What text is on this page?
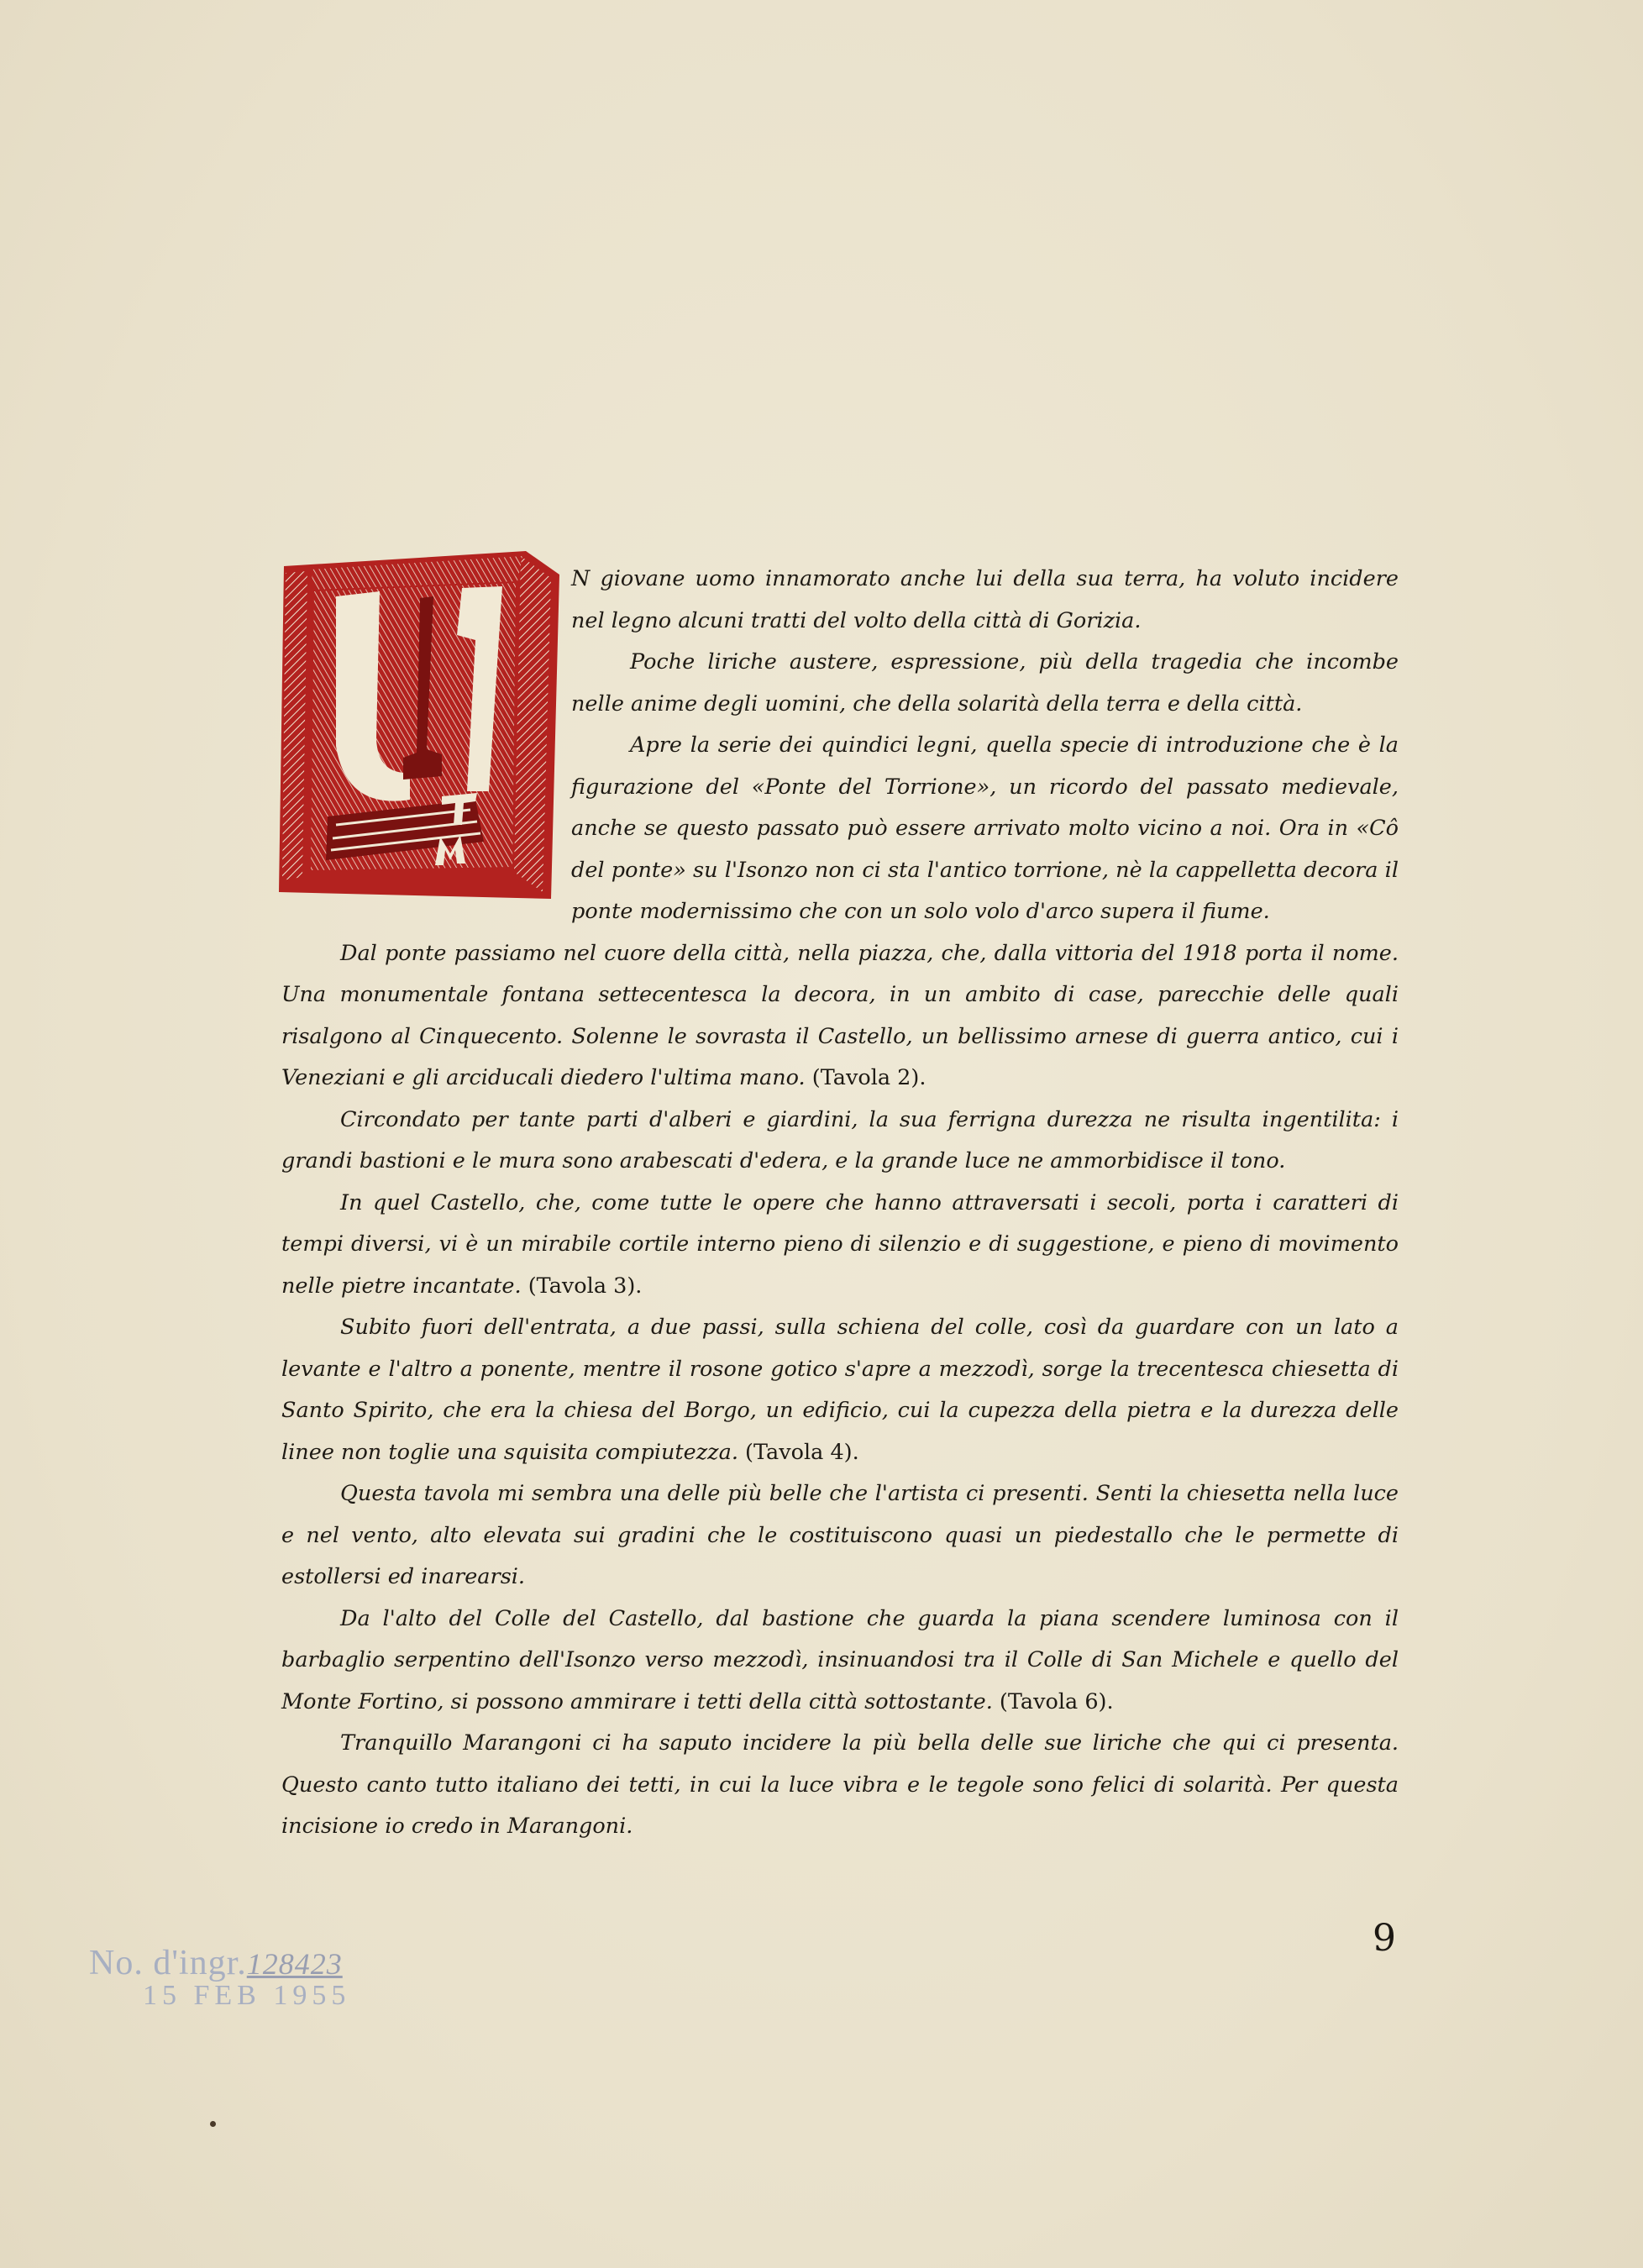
N giovane uomo innamorato anche lui della sua terra, ha voluto incidere nel legno alcuni tratti del volto della città di Gorizia.

Poche liriche austere, espressione, più della tragedia che incombe nelle anime degli uomini, che della solarità della terra e della città.

Apre la serie dei quindici legni, quella specie di introduzione che è la figurazione del «Ponte del Torrione», un ricordo del passato medievale, anche se questo passato può essere arrivato molto vicino a noi. Ora in «Cô del ponte» su l'Isonzo non ci sta l'antico torrione, nè la cappelletta decora il ponte modernissimo che con un solo volo d'arco supera il fiume.

Dal ponte passiamo nel cuore della città, nella piazza, che, dalla vittoria del 1918 porta il nome. Una monumentale fontana settecentesca la decora, in un ambito di case, parecchie delle quali risalgono al Cinquecento. Solenne le sovrasta il Castello, un bellissimo arnese di guerra antico, cui i Veneziani e gli arciducali diedero l'ultima mano. (Tavola 2).

Circondato per tante parti d'alberi e giardini, la sua ferrigna durezza ne risulta ingentilita: i grandi bastioni e le mura sono arabescati d'edera, e la grande luce ne ammorbidisce il tono.

In quel Castello, che, come tutte le opere che hanno attraversati i secoli, porta i caratteri di tempi diversi, vi è un mirabile cortile interno pieno di silenzio e di suggestione, e pieno di movimento nelle pietre incantate. (Tavola 3).

Subito fuori dell'entrata, a due passi, sulla schiena del colle, così da guardare con un lato a levante e l'altro a ponente, mentre il rosone gotico s'apre a mezzodì, sorge la trecentesca chiesetta di Santo Spirito, che era la chiesa del Borgo, un edificio, cui la cupezza della pietra e la durezza delle linee non toglie una squisita compiutezza. (Tavola 4).

Questa tavola mi sembra una delle più belle che l'artista ci presenti. Senti la chiesetta nella luce e nel vento, alto elevata sui gradini che le costituiscono quasi un piedestallo che le permette di estollersi ed inarearsi.

Da l'alto del Colle del Castello, dal bastione che guarda la piana scendere luminosa con il barbaglio serpentino dell'Isonzo verso mezzodì, insinuandosi tra il Colle di San Michele e quello del Monte Fortino, si possono ammirare i tetti della città sottostante. (Tavola 6).

Tranquillo Marangoni ci ha saputo incidere la più bella delle sue liriche che qui ci presenta. Questo canto tutto italiano dei tetti, in cui la luce vibra e le tegole sono felici di solarità. Per questa incisione io credo in Marangoni.

9
No. d'ingr.128423
15 FEB 1955
